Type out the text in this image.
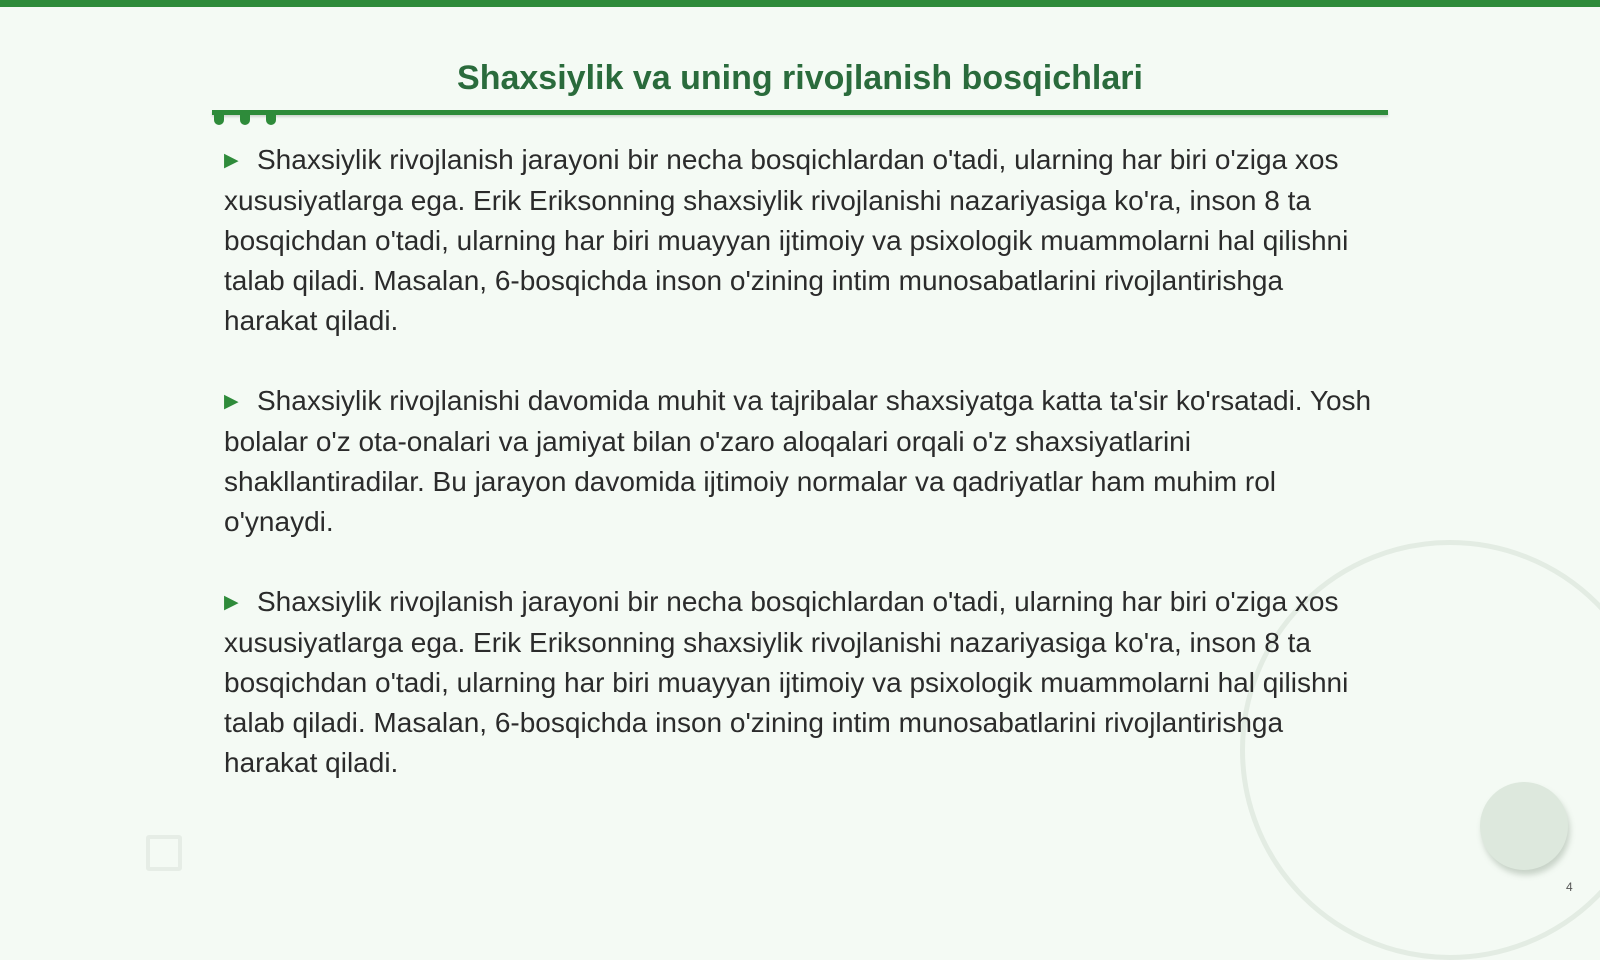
Shaxsiylik va uning rivojlanish bosqichlari
▶ Shaxsiylik rivojlanish jarayoni bir necha bosqichlardan o'tadi, ularning har biri o'ziga xos xususiyatlarga ega. Erik Eriksonning shaxsiylik rivojlanishi nazariyasiga ko'ra, inson 8 ta bosqichdan o'tadi, ularning har biri muayyan ijtimoiy va psixologik muammolarni hal qilishni talab qiladi. Masalan, 6-bosqichda inson o'zining intim munosabatlarini rivojlantirishga harakat qiladi.
▶ Shaxsiylik rivojlanishi davomida muhit va tajribalar shaxsiyatga katta ta'sir ko'rsatadi. Yosh bolalar o'z ota-onalari va jamiyat bilan o'zaro aloqalari orqali o'z shaxsiyatlarini shakllantiradilar. Bu jarayon davomida ijtimoiy normalar va qadriyatlar ham muhim rol o'ynaydi.
▶ Shaxsiylik rivojlanish jarayoni bir necha bosqichlardan o'tadi, ularning har biri o'ziga xos xususiyatlarga ega. Erik Eriksonning shaxsiylik rivojlanishi nazariyasiga ko'ra, inson 8 ta bosqichdan o'tadi, ularning har biri muayyan ijtimoiy va psixologik muammolarni hal qilishni talab qiladi. Masalan, 6-bosqichda inson o'zining intim munosabatlarini rivojlantirishga harakat qiladi.
4
